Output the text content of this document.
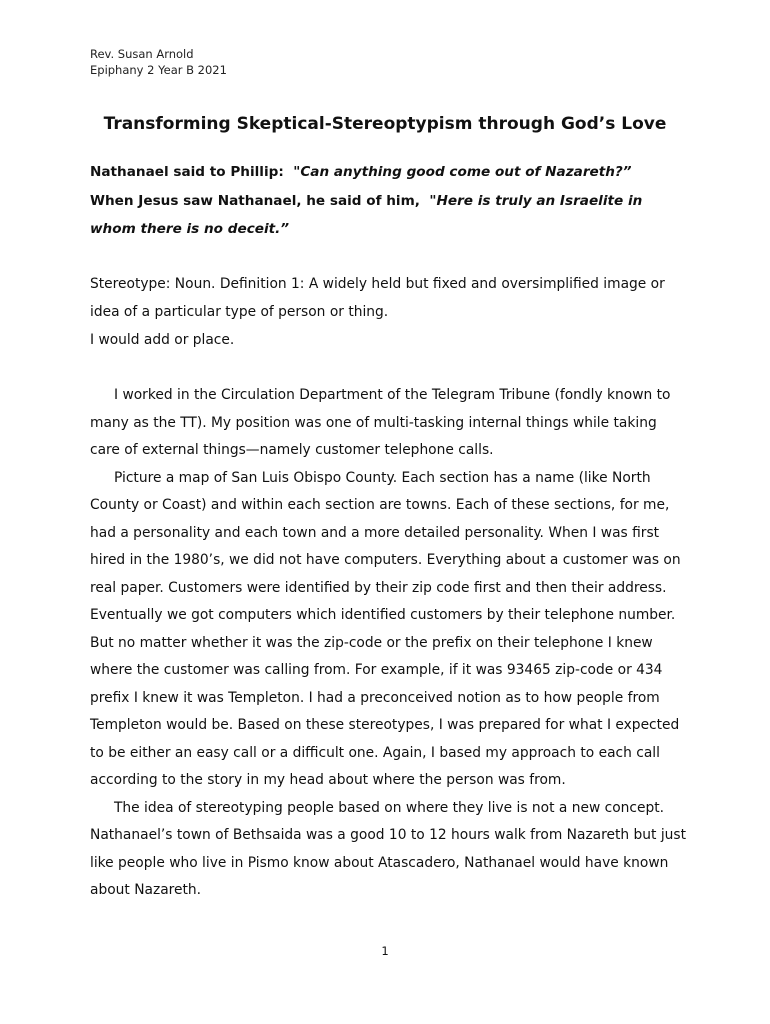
Rev. Susan Arnold
Epiphany 2 Year B 2021
Transforming Skeptical-Stereoptypism through God’s Love
Nathanael said to Phillip: "Can anything good come out of Nazareth?”
When Jesus saw Nathanael, he said of him, "Here is truly an Israelite in whom there is no deceit.”

Stereotype: Noun. Definition 1: A widely held but fixed and oversimplified image or idea of a particular type of person or thing.

I would add or place.

I worked in the Circulation Department of the Telegram Tribune (fondly known to many as the TT). My position was one of multi-tasking internal things while taking care of external things—namely customer telephone calls.

Picture a map of San Luis Obispo County. Each section has a name (like North County or Coast) and within each section are towns. Each of these sections, for me, had a personality and each town and a more detailed personality. When I was first hired in the 1980’s, we did not have computers. Everything about a customer was on real paper. Customers were identified by their zip code first and then their address. Eventually we got computers which identified customers by their telephone number. But no matter whether it was the zip-code or the prefix on their telephone I knew where the customer was calling from. For example, if it was 93465 zip-code or 434 prefix I knew it was Templeton. I had a preconceived notion as to how people from Templeton would be. Based on these stereotypes, I was prepared for what I expected to be either an easy call or a difficult one. Again, I based my approach to each call according to the story in my head about where the person was from.

The idea of stereotyping people based on where they live is not a new concept. Nathanael’s town of Bethsaida was a good 10 to 12 hours walk from Nazareth but just like people who live in Pismo know about Atascadero, Nathanael would have known about Nazareth.

1
